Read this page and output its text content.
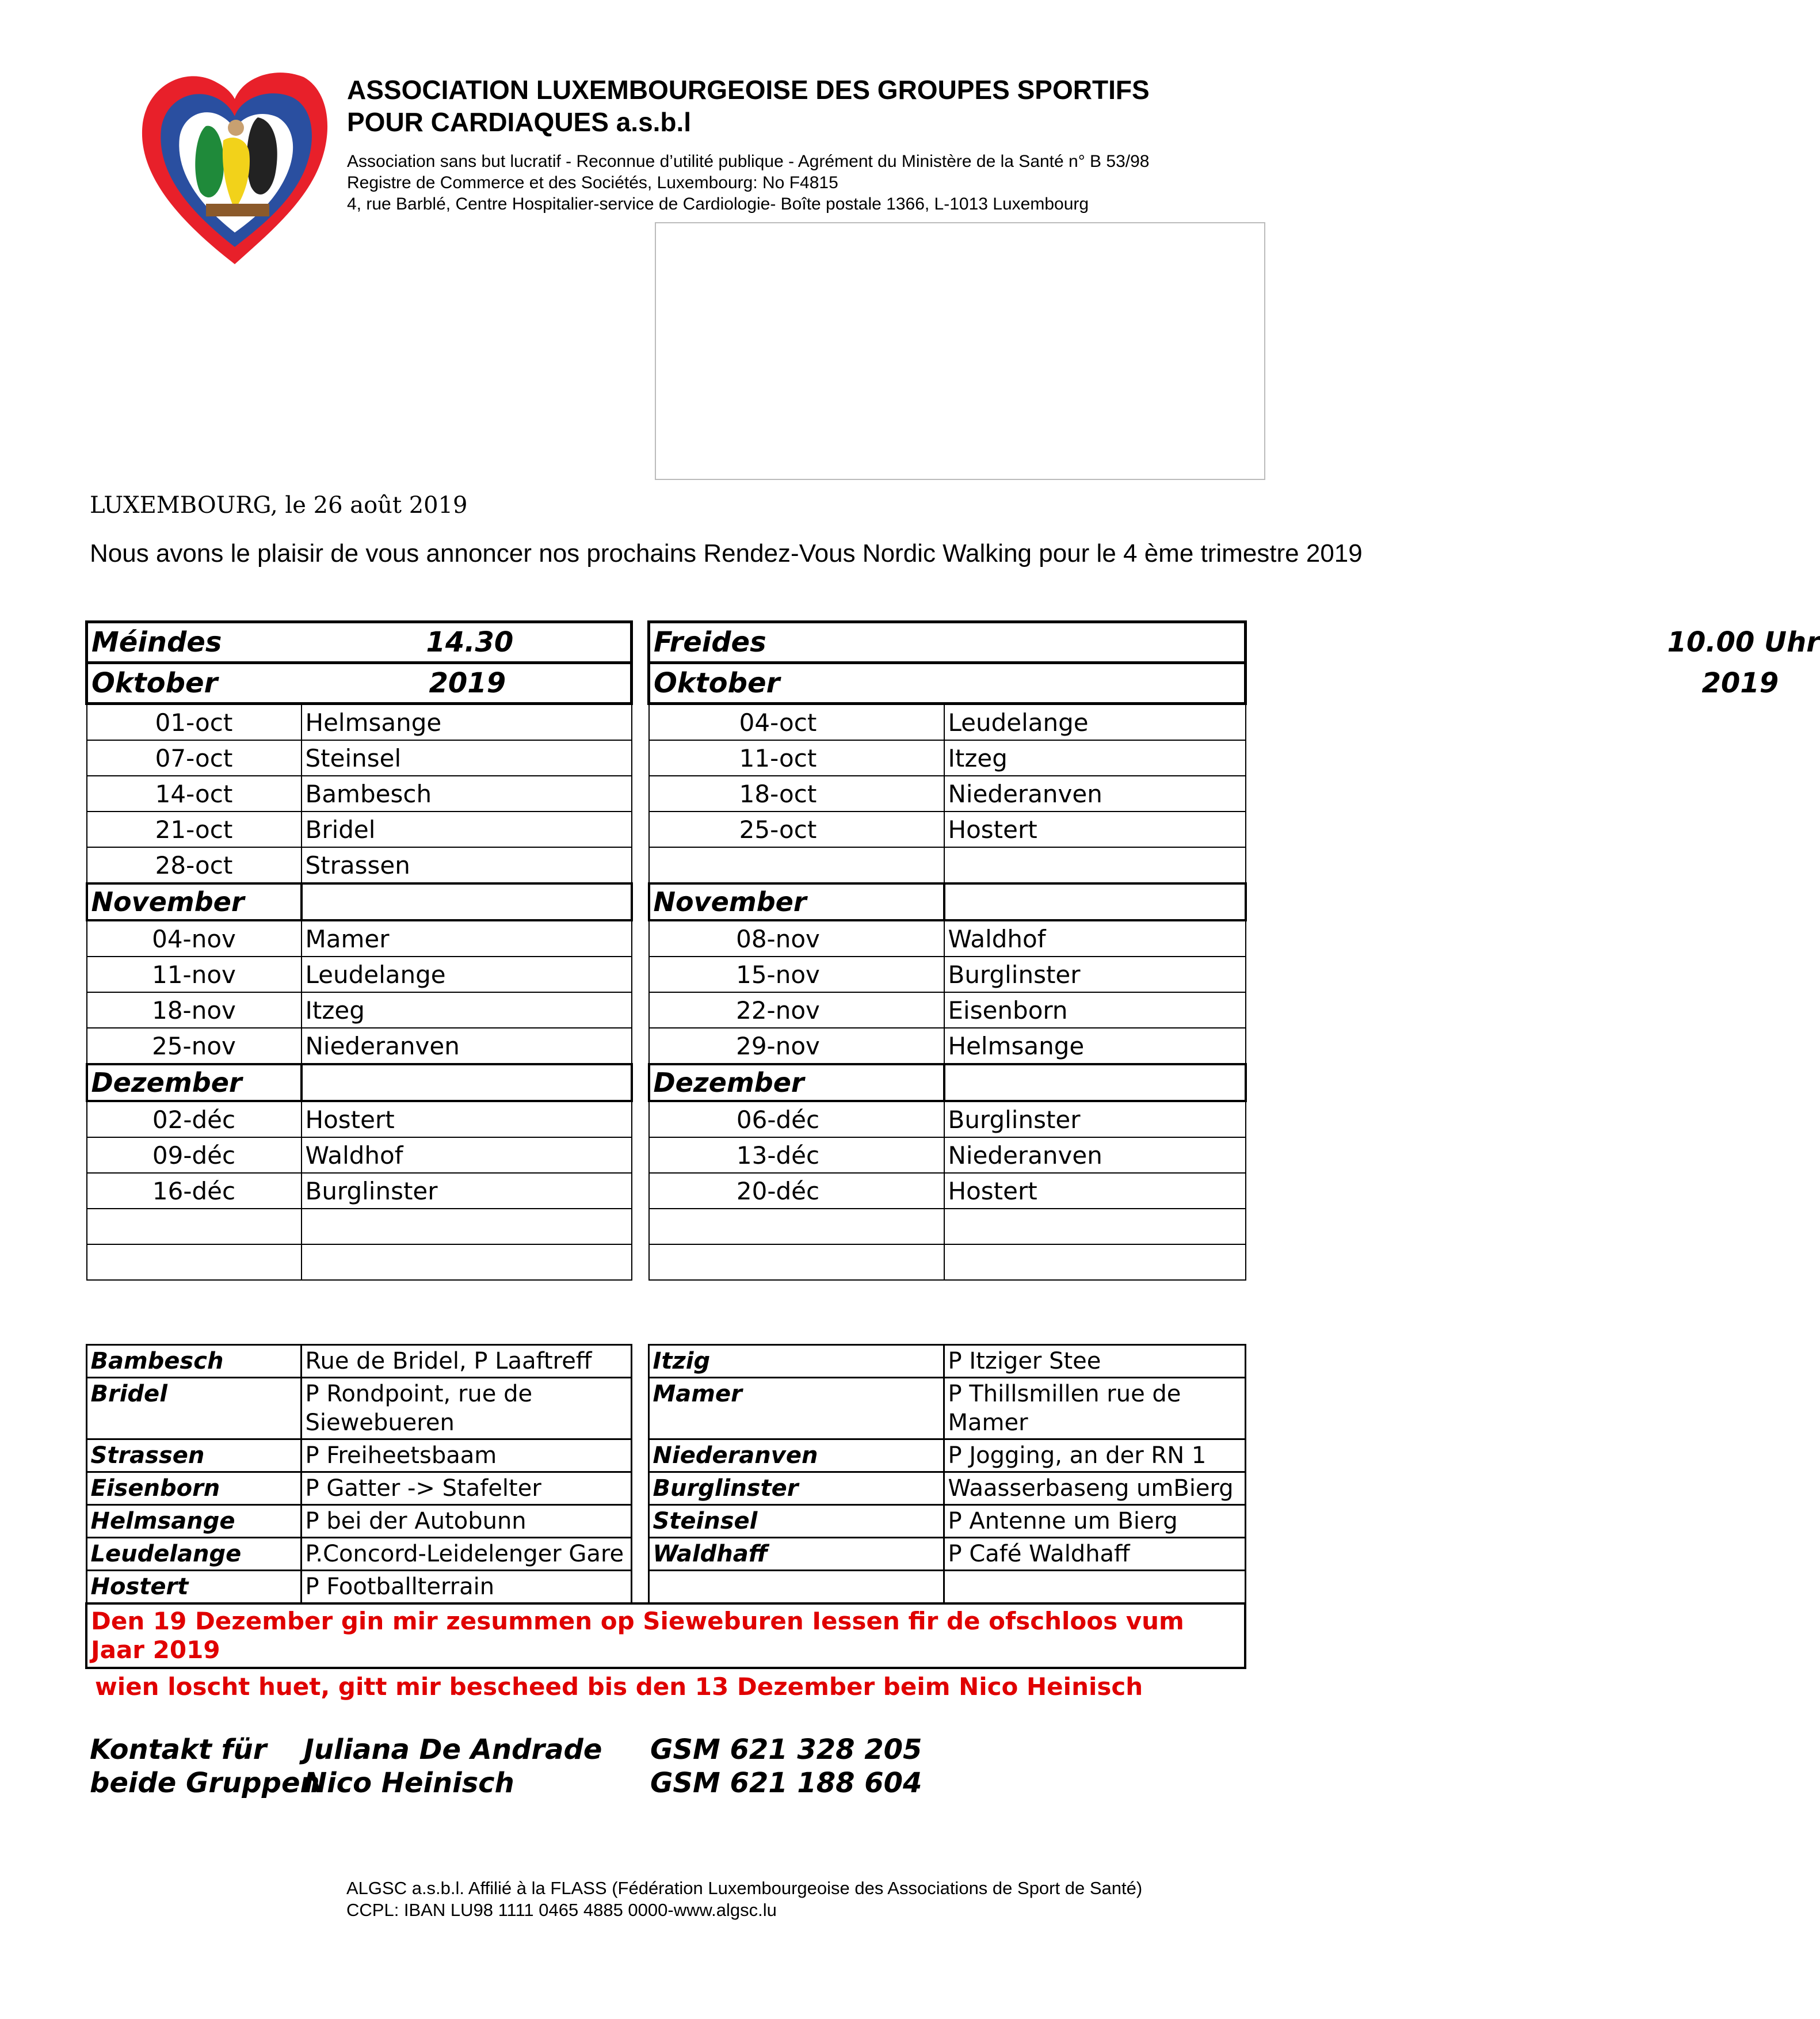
ASSOCIATION LUXEMBOURGEOISE DES GROUPES SPORTIFS
POUR CARDIAQUES a.s.b.l
Association sans but lucratif - Reconnue d’utilité publique - Agrément du Ministère de la Santé n° B 53/98
Registre de Commerce et des Sociétés, Luxembourg: No F4815
4, rue Barblé, Centre Hospitalier-service de Cardiologie- Boîte postale 1366, L-1013 Luxembourg
LUXEMBOURG, le 26 août 2019
Nous avons le plaisir de vous annoncer nos prochains Rendez-Vous Nordic Walking pour le 4 ème trimestre 2019
Méindes 14.30	

Oktober 2019	

01-oct	Helmsange
07-oct	Steinsel
14-oct	Bambesch
21-oct	Bridel
28-oct	Strassen
November	
04-nov	Mamer
11-nov	Leudelange
18-nov	Itzeg
25-nov	Niederanven
Dezember	
02-déc	Hostert
09-déc	Waldhof
16-déc	Burglinster

Freides 10.00 Uhr	

Oktober 2019	

04-oct	Leudelange
11-oct	Itzeg
18-oct	Niederanven
25-oct	Hostert

November	
08-nov	Waldhof
15-nov	Burglinster
22-nov	Eisenborn
29-nov	Helmsange
Dezember	
06-déc	Burglinster
13-déc	Niederanven
20-déc	Hostert

Bambesch	Rue de Bridel, P Laaftreff		Itzig	P Itziger Stee
Bridel	P Rondpoint, rue de Siewebueren		Mamer	P Thillsmillen rue de Mamer
Strassen	P Freiheetsbaam		Niederanven	P Jogging, an der RN 1
Eisenborn	P Gatter -> Stafelter		Burglinster	Waasserbaseng umBierg
Helmsange	P bei der Autobunn		Steinsel	P Antenne um Bierg
Leudelange	P.Concord-Leidelenger Gare		Waldhaff	P Café Waldhaff
Hostert	P Footballterrain			
Den 19 Dezember gin mir zesummen op Sieweburen Iessen fir de ofschloos vum Jaar 2019				
wien loscht huet, gitt mir bescheed bis den 13 Dezember beim Nico Heinisch
Kontakt für
beide Gruppen
Juliana De Andrade
Nico Heinisch
GSM 621 328 205
GSM 621 188 604
ALGSC a.s.b.l. Affilié à la FLASS (Fédération Luxembourgeoise des Associations de Sport de Santé)
CCPL: IBAN LU98 1111 0465 4885 0000-www.algsc.lu
